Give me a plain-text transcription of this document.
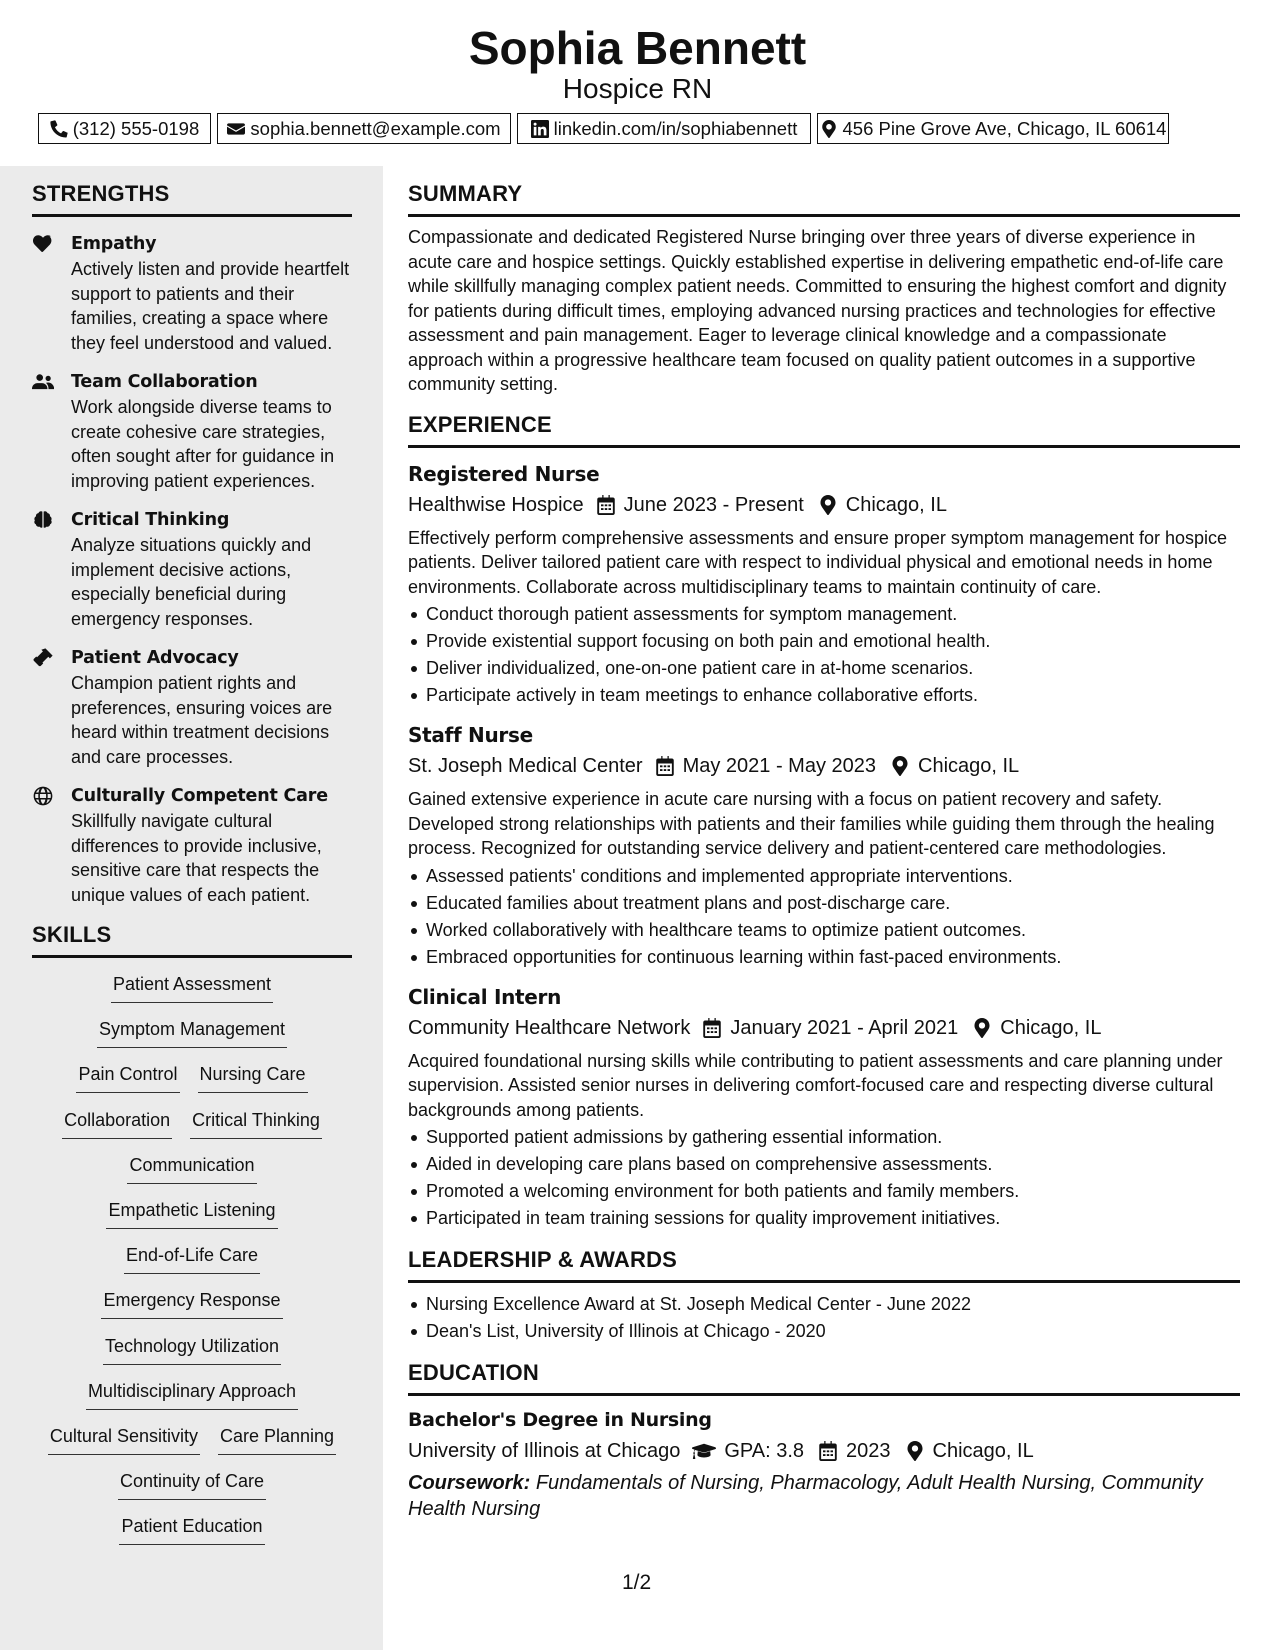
Sophia Bennett
Hospice RN
(312) 555-0198	sophia.bennett@example.com	linkedin.com/in/sophiabennett 456 Pine Grove Ave, Chicago, IL 60614
STRENGTHS
Empathy
Actively listen and provide heartfelt support to patients and their families, creating a space where they feel understood and valued.
Team Collaboration
Work alongside diverse teams to create cohesive care strategies, often sought after for guidance in improving patient experiences.
Critical Thinking
Analyze situations quickly and implement decisive actions, especially beneficial during emergency responses.
Patient Advocacy
Champion patient rights and preferences, ensuring voices are heard within treatment decisions and care processes.
Culturally Competent Care
Skillfully navigate cultural differences to provide inclusive, sensitive care that respects the unique values of each patient.
SKILLS
Patient Assessment
Symptom Management
Pain Control Nursing Care
Collaboration Critical Thinking
Communication
Empathetic Listening
End-of-Life Care
Emergency Response
Technology Utilization
Multidisciplinary Approach
Cultural Sensitivity Care Planning
Continuity of Care
Patient Education
SUMMARY
Compassionate and dedicated Registered Nurse bringing over three years of diverse experience in acute care and hospice settings. Quickly established expertise in delivering empathetic end-of-life care while skillfully managing complex patient needs. Committed to ensuring the highest comfort and dignity for patients during difficult times, employing advanced nursing practices and technologies for effective assessment and pain management. Eager to leverage clinical knowledge and a compassionate approach within a progressive healthcare team focused on quality patient outcomes in a supportive community setting.
EXPERIENCE
Registered Nurse
Healthwise Hospice June 2023 - Present Chicago, IL
Effectively perform comprehensive assessments and ensure proper symptom management for hospice patients. Deliver tailored patient care with respect to individual physical and emotional needs in home environments. Collaborate across multidisciplinary teams to maintain continuity of care.
Conduct thorough patient assessments for symptom management.
Provide existential support focusing on both pain and emotional health.
Deliver individualized, one-on-one patient care in at-home scenarios.
Participate actively in team meetings to enhance collaborative efforts.
Staff Nurse
St. Joseph Medical Center May 2021 - May 2023 Chicago, IL
Gained extensive experience in acute care nursing with a focus on patient recovery and safety. Developed strong relationships with patients and their families while guiding them through the healing process. Recognized for outstanding service delivery and patient-centered care methodologies.
Assessed patients' conditions and implemented appropriate interventions.
Educated families about treatment plans and post-discharge care.
Worked collaboratively with healthcare teams to optimize patient outcomes.
Embraced opportunities for continuous learning within fast-paced environments.
Clinical Intern
Community Healthcare Network January 2021 - April 2021 Chicago, IL
Acquired foundational nursing skills while contributing to patient assessments and care planning under supervision. Assisted senior nurses in delivering comfort-focused care and respecting diverse cultural backgrounds among patients.
Supported patient admissions by gathering essential information.
Aided in developing care plans based on comprehensive assessments.
Promoted a welcoming environment for both patients and family members.
Participated in team training sessions for quality improvement initiatives.
LEADERSHIP & AWARDS
Nursing Excellence Award at St. Joseph Medical Center - June 2022
Dean's List, University of Illinois at Chicago - 2020
EDUCATION
Bachelor's Degree in Nursing
University of Illinois at Chicago GPA: 3.8 2023 Chicago, IL
Coursework: Fundamentals of Nursing, Pharmacology, Adult Health Nursing, Community Health Nursing
1/2
